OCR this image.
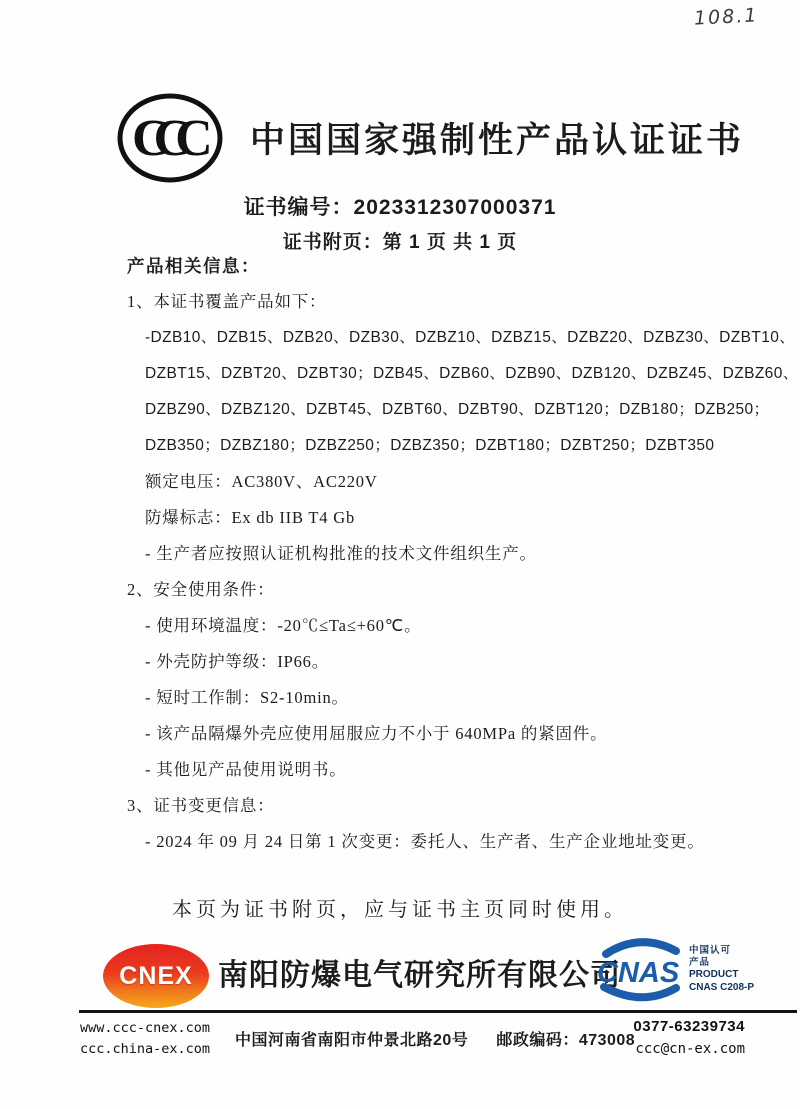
108.1
CCC	中国国家强制性产品认证证书
证书编号：2023312307000371
证书附页：第 1 页 共 1 页
产品相关信息：
1、本证书覆盖产品如下：
-DZB10、DZB15、DZB20、DZB30、DZBZ10、DZBZ15、DZBZ20、DZBZ30、DZBT10、
DZBT15、DZBT20、DZBT30；DZB45、DZB60、DZB90、DZB120、DZBZ45、DZBZ60、
DZBZ90、DZBZ120、DZBT45、DZBT60、DZBT90、DZBT120；DZB180；DZB250；
DZB350；DZBZ180；DZBZ250；DZBZ350；DZBT180；DZBT250；DZBT350
额定电压：AC380V、AC220V
防爆标志：Ex db IIB T4 Gb
- 生产者应按照认证机构批准的技术文件组织生产。
2、安全使用条件：
- 使用环境温度：-20℃≤Ta≤+60℃。
- 外壳防护等级：IP66。
- 短时工作制：S2-10min。
- 该产品隔爆外壳应使用屈服应力不小于 640MPa 的紧固件。
- 其他见产品使用说明书。
3、证书变更信息：
- 2024 年 09 月 24 日第 1 次变更：委托人、生产者、生产企业地址变更。
本页为证书附页，应与证书主页同时使用。
CNEX 南阳防爆电气研究所有限公司
CNAS
中国认可
产品
PRODUCT
CNAS C208-P
www.ccc-cnex.com
ccc.china-ex.com 中国河南省南阳市仲景北路20号 邮政编码：473008
0377-63239734
ccc@cn-ex.com
